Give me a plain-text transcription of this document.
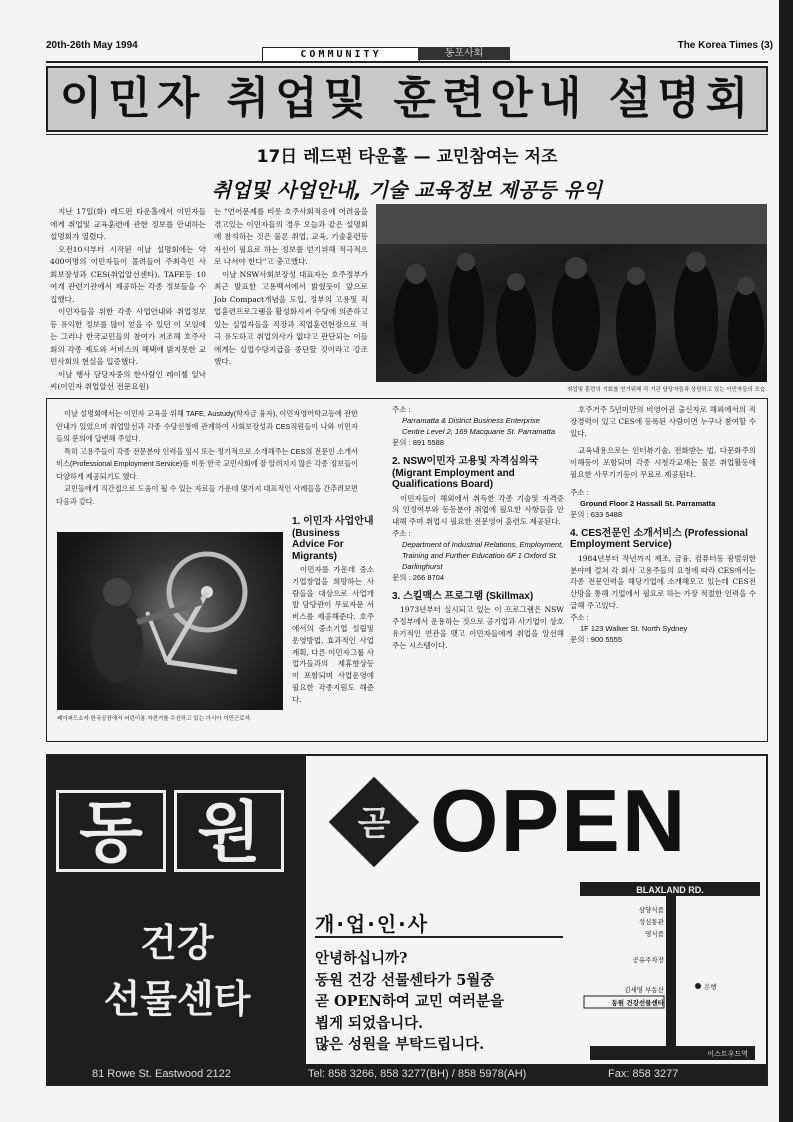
20th-26th May 1994
COMMUNITY	동포사회
The Korea Times (3)
이민자 취업및 훈련안내 설명회
17日 레드펀 타운홀 — 교민참여는 저조
취업및 사업안내, 기술 교육정보 제공등 유익

지난 17일(화) 레드펀 타운홀에서 이민자들에게 취업및 교육훈련에 관한 정보를 안내하는 설명회가 열렸다.

오전10시부터 시작된 이날 설명회에는 약 400여명의 이민자들이 몰려들어 주최측인 사회보장성과 CES(취업알선센타), TAFE등 10여개 관련기관에서 제공하는 각종 정보들을 수집했다.

이민자들을 위한 각종 사업안내와 취업정보등 유익한 정보를 많이 얻을 수 있던 이 모임에는 그러나 한국교민들의 참여가 저조해 호주사회의 각종 제도와 서비스의 혜택에 밝지못한 교민사회의 현실을 입증했다.

이날 행사 담당자중의 한사람인 레이첼 일낙씨(이민자 취업알선 전문요원)

는 "언어문제를 비롯 호주사회적응에 어려움을 겪고있는 이민자들의 경우 오늘과 같은 설명회에 참석하는 것은 물론 취업, 교육, 기술훈련등 자신이 필요로 하는 정보를 얻기위해 적극적으로 나서야 한다"고 충고했다.

이날 NSW사회보장성 대표자는 호주정부가 최근 발표한 고용백서에서 밝혔듯이 앞으로 Job Compact개념을 도입, 정부의 고용및 직업훈련프로그램을 활성화시켜 수당에 의존하고 있는 실업자들을 직장과 직업훈련현장으로 적극 유도하고 취업의사가 없다고 판단되는 이들에게는 실업수당지급을 중단할 것이라고 강조했다.

취업및 훈련의 기회를 얻기위해 각 기관 담당자들과 상담하고 있는 이민자들의 모습.

이날 설명회에서는 이민자 교육을 위해 TAFE, Austudy(학자금 융자), 이민자영어학교등에 관한 안내가 있었으며 취업알선과 각종 수당신청에 관계하여 사회보장성과 CES직원들이 나와 이민자들의 문의에 답변해 주었다.

특히 고용주들이 각종 전문분야 인력을 임시 또는 정기적으로 소개해주는 CES의 전문인 소개서비스(Professional Employment Service)를 비롯 한국 교민사회에 잘 알려지지 않은 각종 정보들이 다양하게 제공되기도 했다.

교민들에게 직간접으로 도움이 될 수 있는 자료들 가운데 몇가지 대표적인 사례들을 간추려보면 다음과 같다.

페이퍼드소자 한국공장에서 어린이용 자전거를 수선하고 있는 아시아 이민근로자.

1. 이민자 사업안내 (Business Advice For Migrants)

이민자를 가운데 중소기업창업을 희망하는 사람들을 대상으로 사업개발 담당관이 무료자문 서비스를 제공해준다. 호주에서의 중소기업 설립및 운영방법, 효과적인 사업계획, 다른 이민자그룹 사업가들과의 제휴향상등이 포함되며 사업운영에 필요한 각종지원도 해준다.

주소 :

Parramatta & District Business Enterprise Centre Level 2, 169 Macquarie St. Parramatta

문의 : 891 5588

2. NSW이민자 고용및 자격심의국 (Migrant Employment and Qualifications Board)

이민자들이 해외에서 취득한 각종 기술및 자격증의 인정여부와 동등분야 취업에 필요한 사항들을 안내해 주며 취업시 필요한 전문영어 훈련도 제공된다.

주소 :

Department of Industrial Relations, Employment, Training and Further Education 6F 1 Oxford St. Darlinghurst

문의 : 266 8704

3. 스킬맥스 프로그램 (Skillmax)

1973년부터 실시되고 있는 이 프로그램은 NSW주정부에서 운용하는 것으로 공기업과 사기업이 상호 유기적인 연관을 맺고 이민자들에게 취업을 알선해 주는 시스템이다.

호주거주 5년미만의 비영어권 출신자로 해외에서의 직장경력이 있고 CES에 등록된 사람이면 누구나 참여할 수 있다.

교육내용으로는 인터뷰기술, 전화받는 법, 다문화주의 이해등이 포함되며 각종 시청각교재는 물론 취업활동에 필요한 사무기기등이 무료로 제공된다.

주소 :

Ground Floor 2 Hassall St. Parramatta

문의 : 633 5488

4. CES전문인 소개서비스 (Professional Employment Service)

1984년부터 작년까지 제조, 금융, 컴퓨터등 광범위한 분야에 걸쳐 각 회사 고용주들의 요청에 따라 CES에서는 각종 전문인력을 해당기업에 소개해오고 있는데 CES전산망을 통해 기업에서 필요로 하는 가장 적절한 인력을 수급해 주고있다.

주소 :

1F 123 Walker St. North Sydney

문의 : 900 5555

동 원
건강
선물센타
곧 OPEN
개·업·인·사
안녕하십니까?
동원 건강 선물센타가 5월중
곧 OPEN하여 교민 여러분을
뵙게 되었읍니다.
많은 성원을 부탁드립니다.
BLAXLAND RD.
삼양식품
성심통관
영식품
공유주차장
김세영 부동산
동원 건강선물센타
은행
이스트우드역
81 Rowe St. Eastwood 2122	Tel: 858 3266, 858 3277(BH) / 858 5978(AH)	Fax: 858 3277
